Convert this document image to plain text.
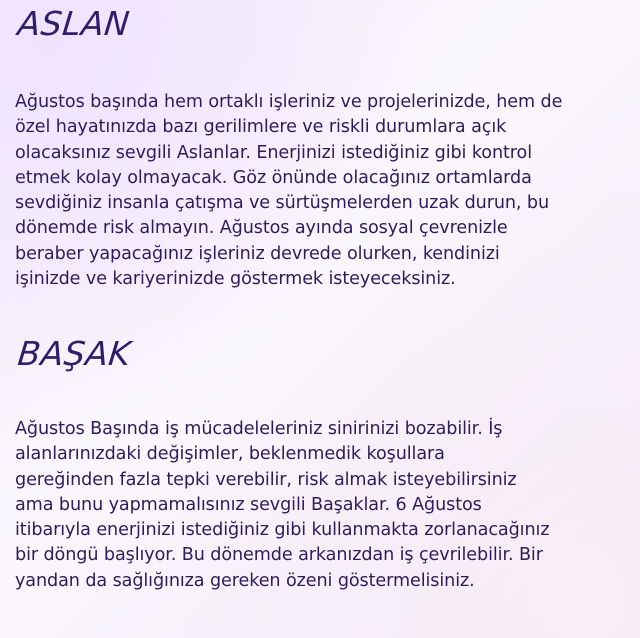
ASLAN

Ağustos başında hem ortaklı işleriniz ve projelerinizde, hem de
özel hayatınızda bazı gerilimlere ve riskli durumlara açık
olacaksınız sevgili Aslanlar. Enerjinizi istediğiniz gibi kontrol
etmek kolay olmayacak. Göz önünde olacağınız ortamlarda
sevdiğiniz insanla çatışma ve sürtüşmelerden uzak durun, bu
dönemde risk almayın. Ağustos ayında sosyal çevrenizle
beraber yapacağınız işleriniz devrede olurken, kendinizi
işinizde ve kariyerinizde göstermek isteyeceksiniz.

BAŞAK

Ağustos Başında iş mücadeleleriniz sinirinizi bozabilir. İş
alanlarınızdaki değişimler, beklenmedik koşullara
gereğinden fazla tepki verebilir, risk almak isteyebilirsiniz
ama bunu yapmamalısınız sevgili Başaklar. 6 Ağustos
itibarıyla enerjinizi istediğiniz gibi kullanmakta zorlanacağınız
bir döngü başlıyor. Bu dönemde arkanızdan iş çevrilebilir. Bir
yandan da sağlığınıza gereken özeni göstermelisiniz.
